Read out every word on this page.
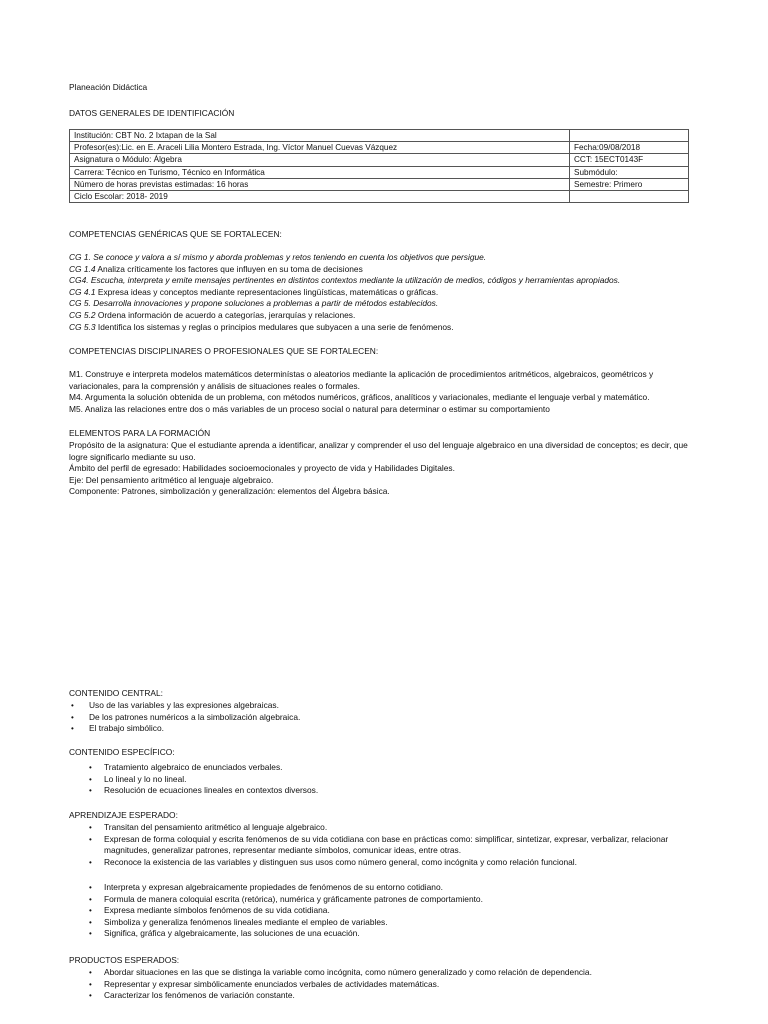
Planeación Didáctica

DATOS GENERALES DE IDENTIFICACIÓN

Institución: CBT No. 2 Ixtapan de la Sal	
Profesor(es):Lic. en E. Araceli Lilia Montero Estrada, Ing. Víctor Manuel Cuevas Vázquez	Fecha:09/08/2018
Asignatura o Módulo: Álgebra	CCT: 15ECT0143F
Carrera: Técnico en Turismo, Técnico en Informática	Submódulo:
Número de horas previstas estimadas: 16 horas	Semestre: Primero
Ciclo Escolar: 2018- 2019	

COMPETENCIAS GENÉRICAS QUE SE FORTALECEN:

CG 1. Se conoce y valora a sí mismo y aborda problemas y retos teniendo en cuenta los objetivos que persigue.

CG 1.4 Analiza críticamente los factores que influyen en su toma de decisiones

CG4. Escucha, interpreta y emite mensajes pertinentes en distintos contextos mediante la utilización de medios, códigos y herramientas apropiados.

CG 4.1 Expresa ideas y conceptos mediante representaciones lingüísticas, matemáticas o gráficas.

CG 5. Desarrolla innovaciones y propone soluciones a problemas a partir de métodos establecidos.

CG 5.2 Ordena información de acuerdo a categorías, jerarquías y relaciones.

CG 5.3 Identifica los sistemas y reglas o principios medulares que subyacen a una serie de fenómenos.

COMPETENCIAS DISCIPLINARES O PROFESIONALES QUE SE FORTALECEN:

M1. Construye e interpreta modelos matemáticos determinístas o aleatorios mediante la aplicación de procedimientos aritméticos, algebraicos, geométricos y variacionales, para la comprensión y análisis de situaciones reales o formales.

M4. Argumenta la solución obtenida de un problema, con métodos numéricos, gráficos, analíticos y variacionales, mediante el lenguaje verbal y matemático.

M5. Analiza las relaciones entre dos o más variables de un proceso social o natural para determinar o estimar su comportamiento

ELEMENTOS PARA LA FORMACIÓN

Propósito de la asignatura: Que el estudiante aprenda a identificar, analizar y comprender el uso del lenguaje algebraico en una diversidad de conceptos; es decir, que logre significarlo mediante su uso.

Ámbito del perfil de egresado: Habilidades socioemocionales y proyecto de vida y Habilidades Digitales.

Eje: Del pensamiento aritmético al lenguaje algebraico.

Componente: Patrones, simbolización y generalización: elementos del Álgebra básica.

CONTENIDO CENTRAL:

• Uso de las variables y las expresiones algebraicas.
• De los patrones numéricos a la simbolización algebraica.
• El trabajo simbólico.

CONTENIDO ESPECÍFICO:

• Tratamiento algebraico de enunciados verbales.
• Lo lineal y lo no lineal.
• Resolución de ecuaciones lineales en contextos diversos.

APRENDIZAJE ESPERADO:

• Transitan del pensamiento aritmético al lenguaje algebraico.
• Expresan de forma coloquial y escrita fenómenos de su vida cotidiana con base en prácticas como: simplificar, sintetizar, expresar, verbalizar, relacionar magnitudes, generalizar patrones, representar mediante símbolos, comunicar ideas, entre otras.
• Reconoce la existencia de las variables y distinguen sus usos como número general, como incógnita y como relación funcional.
• Interpreta y expresan algebraicamente propiedades de fenómenos de su entorno cotidiano.
• Formula de manera coloquial escrita (retórica), numérica y gráficamente patrones de comportamiento.
• Expresa mediante símbolos fenómenos de su vida cotidiana.
• Simboliza y generaliza fenómenos lineales mediante el empleo de variables.
• Significa, gráfica y algebraicamente, las soluciones de una ecuación.

PRODUCTOS ESPERADOS:

• Abordar situaciones en las que se distinga la variable como incógnita, como número generalizado y como relación de dependencia.
• Representar y expresar simbólicamente enunciados verbales de actividades matemáticas.
• Caracterizar los fenómenos de variación constante.
